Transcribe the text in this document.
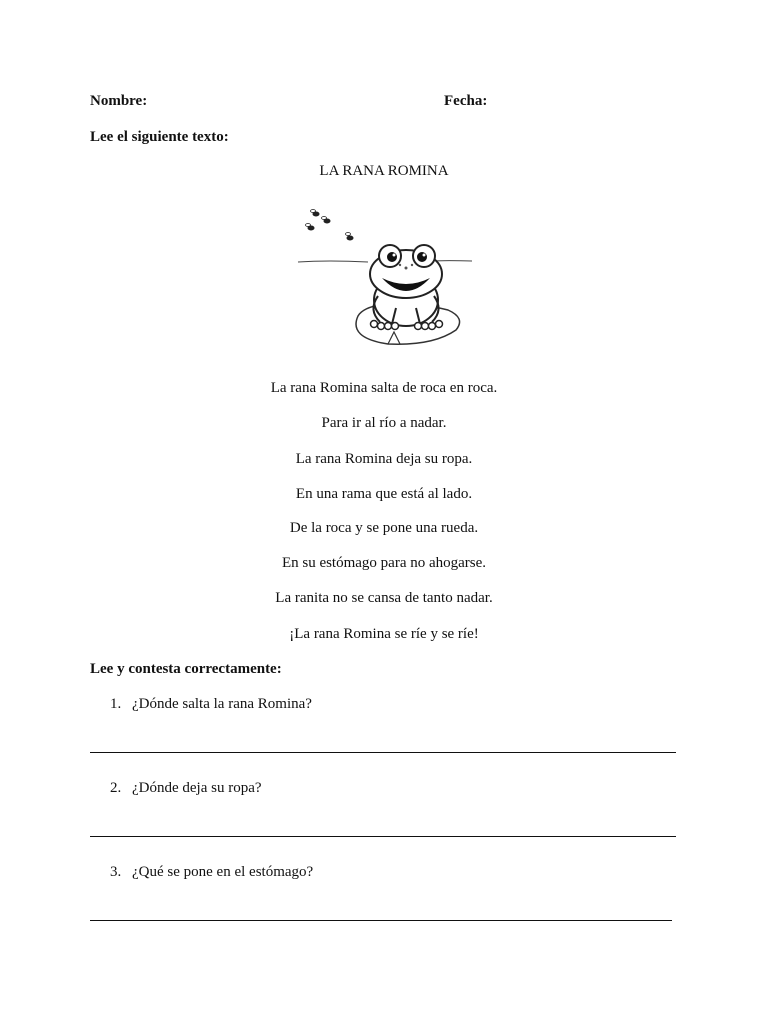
Nombre:	Fecha:
Lee el siguiente texto:
LA RANA ROMINA
La rana Romina salta de roca en roca.
Para ir al río a nadar.
La rana Romina deja su ropa.
En una rama que está al lado.
De la roca y se pone una rueda.
En su estómago para no ahogarse.
La ranita no se cansa de tanto nadar.
¡La rana Romina se ríe y se ríe!
Lee y contesta correctamente:
1. ¿Dónde salta la rana Romina?
2. ¿Dónde deja su ropa?
3. ¿Qué se pone en el estómago?
